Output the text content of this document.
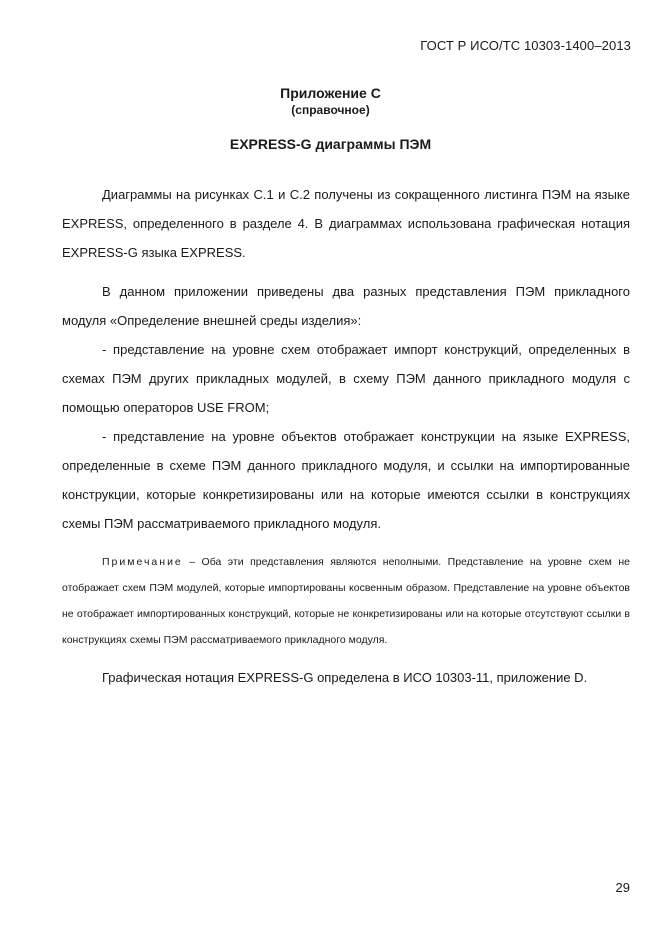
ГОСТ Р ИСО/ТС 10303-1400–2013
Приложение С
(справочное)
EXPRESS-G диаграммы ПЭМ

Диаграммы на рисунках С.1 и С.2 получены из сокращенного листинга ПЭМ на языке EXPRESS, определенного в разделе 4. В диаграммах использована графическая нотация EXPRESS-G языка EXPRESS.

В данном приложении приведены два разных представления ПЭМ прикладного модуля «Определение внешней среды изделия»:

- представление на уровне схем отображает импорт конструкций, определенных в схемах ПЭМ других прикладных модулей, в схему ПЭМ данного прикладного модуля с помощью операторов USE FROM;

- представление на уровне объектов отображает конструкции на языке EXPRESS, определенные в схеме ПЭМ данного прикладного модуля, и ссылки на импортированные конструкции, которые конкретизированы или на которые имеются ссылки в конструкциях схемы ПЭМ рассматриваемого прикладного модуля.

Примечание – Оба эти представления являются неполными. Представление на уровне схем не отображает схем ПЭМ модулей, которые импортированы косвенным образом. Представление на уровне объектов не отображает импортированных конструкций, которые не конкретизированы или на которые отсутствуют ссылки в конструкциях схемы ПЭМ рассматриваемого прикладного модуля.

Графическая нотация EXPRESS-G определена в ИСО 10303-11, приложение D.

29
